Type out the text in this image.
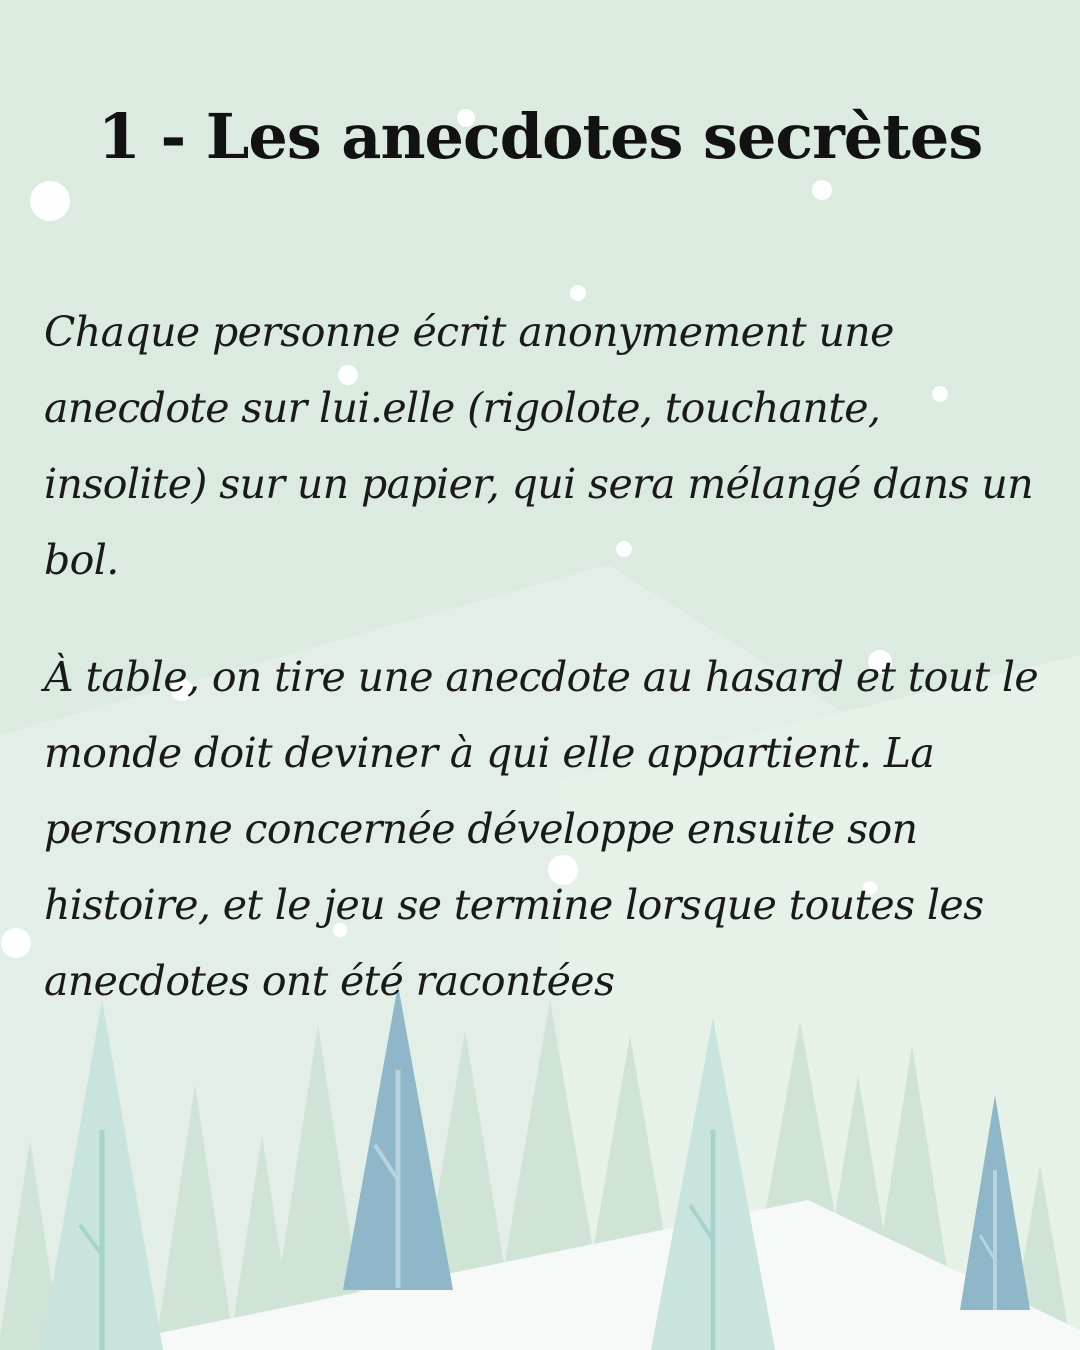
1 - Les anecdotes secrètes

Chaque personne écrit anonymement une anecdote sur lui.elle (rigolote, touchante, insolite) sur un papier, qui sera mélangé dans un bol.

À table, on tire une anecdote au hasard et tout le monde doit deviner à qui elle appartient. La personne concernée développe ensuite son histoire, et le jeu se termine lorsque toutes les anecdotes ont été racontées
